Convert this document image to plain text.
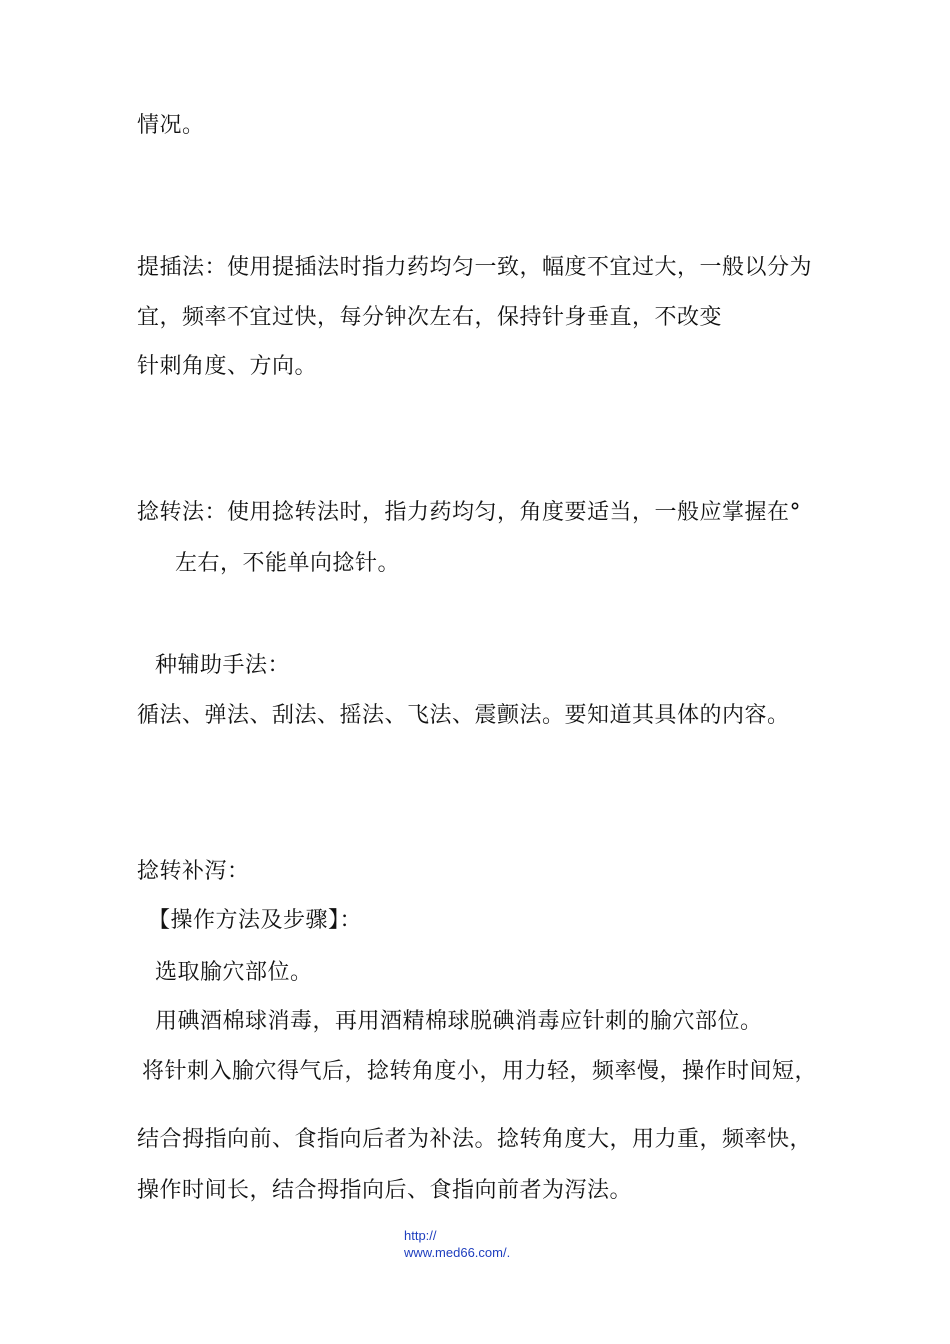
情况。
提插法：使用提插法时指力药均匀一致，幅度不宜过大，一般以分为
宜，频率不宜过快，每分钟次左右，保持针身垂直，不改变
针刺角度、方向。
捻转法：使用捻转法时，指力药均匀，角度要适当，一般应掌握在°
左右，不能单向捻针。
种辅助手法：
循法、弹法、刮法、摇法、飞法、震颤法。要知道其具体的内容。
捻转补泻：
【操作方法及步骤】：
选取腧穴部位。
用碘酒棉球消毒，再用酒精棉球脱碘消毒应针刺的腧穴部位。
将针刺入腧穴得气后，捻转角度小，用力轻，频率慢，操作时间短，
结合拇指向前、食指向后者为补法。捻转角度大，用力重，频率快，
操作时间长，结合拇指向后、食指向前者为泻法。
http://
www.med66.com/.
